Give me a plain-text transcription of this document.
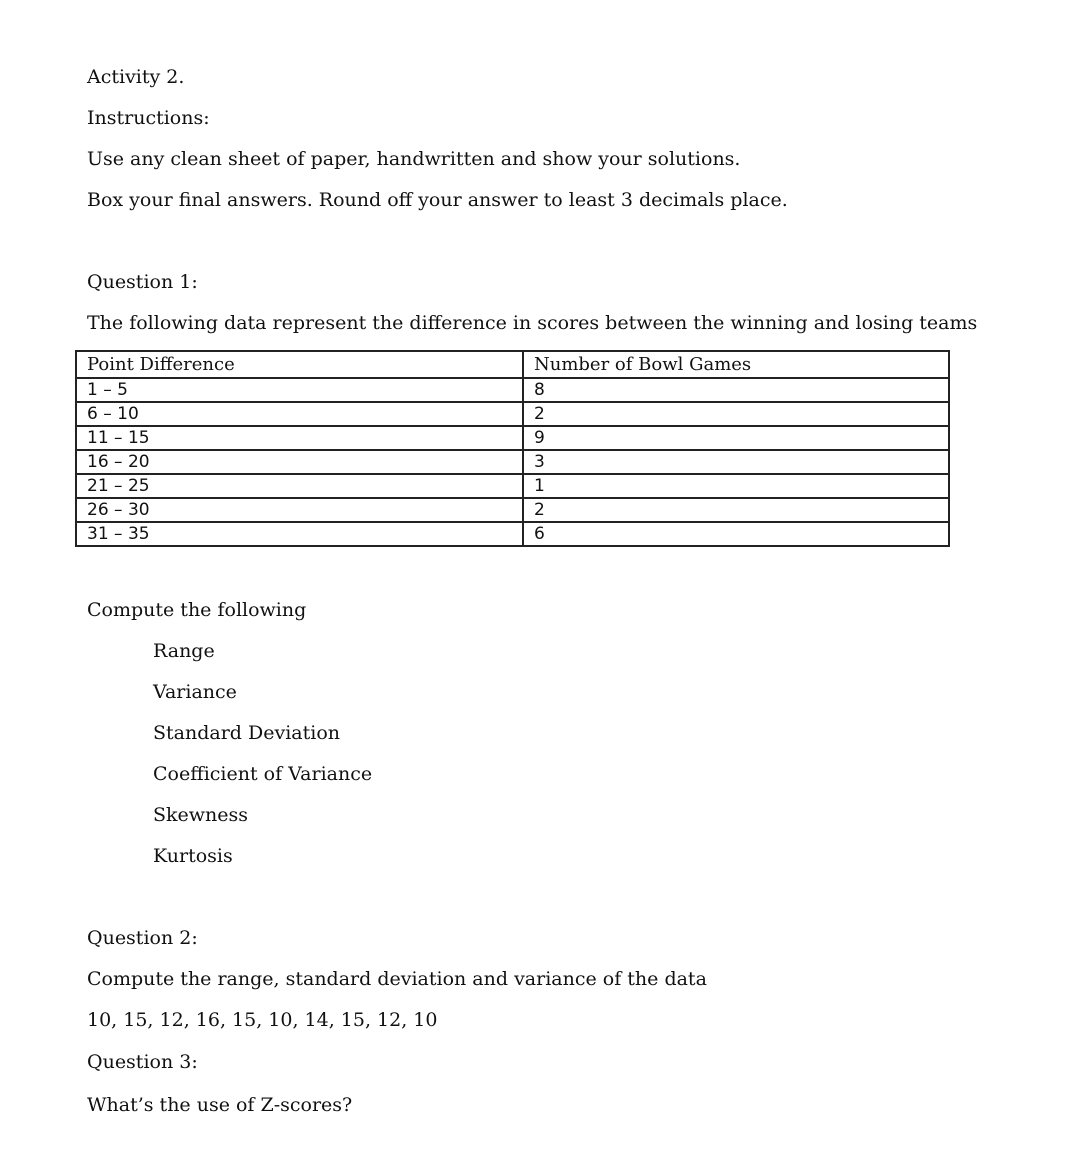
Activity 2.
Instructions:
Use any clean sheet of paper, handwritten and show your solutions.
Box your final answers. Round off your answer to least 3 decimals place.
Question 1:
The following data represent the difference in scores between the winning and losing teams
Point Difference	Number of Bowl Games
1 – 5	8
6 – 10	2
11 – 15	9
16 – 20	3
21 – 25	1
26 – 30	2
31 – 35	6
Compute the following
Range
Variance
Standard Deviation
Coefficient of Variance
Skewness
Kurtosis
Question 2:
Compute the range, standard deviation and variance of the data
10, 15, 12, 16, 15, 10, 14, 15, 12, 10
Question 3:
What’s the use of Z-scores?
